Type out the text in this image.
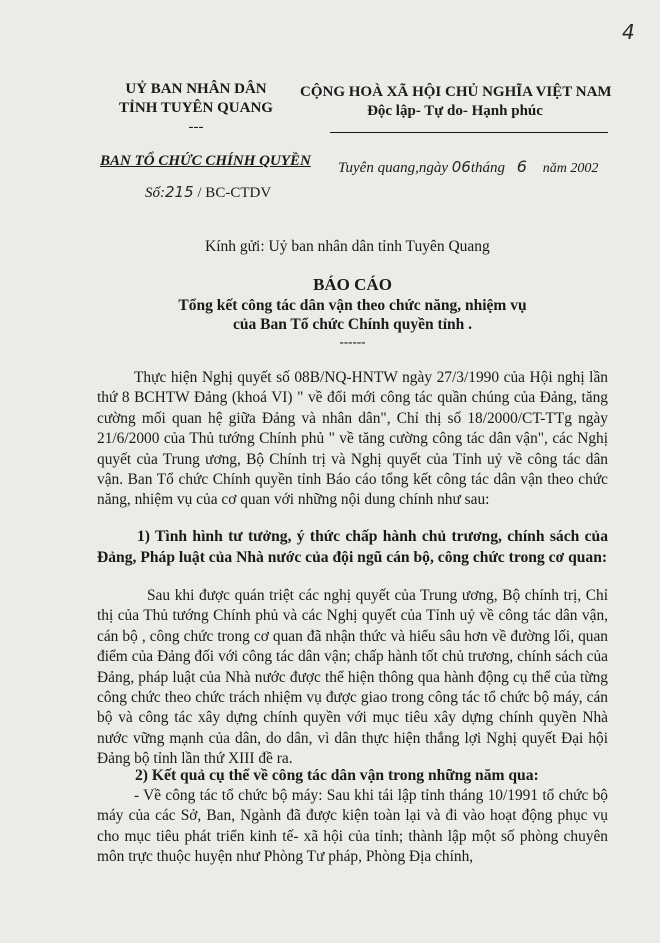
4
UỶ BAN NHÂN DÂN
TỈNH TUYÊN QUANG
---
CỘNG HOÀ XÃ HỘI CHỦ NGHĨA VIỆT NAM
Độc lập- Tự do- Hạnh phúc
BAN TỔ CHỨC CHÍNH QUYỀN Tuyên quang,ngày 06tháng 6 năm 2002
Số:215 / BC-CTDV
Kính gửi: Uỷ ban nhân dân tỉnh Tuyên Quang
BÁO CÁO
Tổng kết công tác dân vận theo chức năng, nhiệm vụ
của Ban Tổ chức Chính quyền tỉnh .
------
Thực hiện Nghị quyết số 08B/NQ-HNTW ngày 27/3/1990 của Hội nghị lần thứ 8 BCHTW Đảng (khoá VI) " về đổi mới công tác quần chúng của Đảng, tăng cường mối quan hệ giữa Đảng và nhân dân", Chỉ thị số 18/2000/CT-TTg ngày 21/6/2000 của Thủ tướng Chính phủ " về tăng cường công tác dân vận", các Nghị quyết của Trung ương, Bộ Chính trị và Nghị quyết của Tỉnh uỷ về công tác dân vận. Ban Tổ chức Chính quyền tỉnh Báo cáo tổng kết công tác dân vận theo chức năng, nhiệm vụ của cơ quan với những nội dung chính như sau:
1) Tình hình tư tưởng, ý thức chấp hành chủ trương, chính sách của Đảng, Pháp luật của Nhà nước của đội ngũ cán bộ, công chức trong cơ quan:
Sau khi được quán triệt các nghị quyết của Trung ương, Bộ chính trị, Chỉ thị của Thủ tướng Chính phủ và các Nghị quyết của Tỉnh uỷ về công tác dân vận, cán bộ , công chức trong cơ quan đã nhận thức và hiểu sâu hơn về đường lối, quan điểm của Đảng đối với công tác dân vận; chấp hành tốt chủ trương, chính sách của Đảng, pháp luật của Nhà nước được thể hiện thông qua hành động cụ thể của từng công chức theo chức trách nhiệm vụ được giao trong công tác tổ chức bộ máy, cán bộ và công tác xây dựng chính quyền với mục tiêu xây dựng chính quyền Nhà nước vững mạnh của dân, do dân, vì dân thực hiện thắng lợi Nghị quyết Đại hội Đảng bộ tỉnh lần thứ XIII đề ra.
2) Kết quả cụ thể về công tác dân vận trong những năm qua:
- Về công tác tổ chức bộ máy: Sau khi tái lập tỉnh tháng 10/1991 tổ chức bộ máy của các Sở, Ban, Ngành đã được kiện toàn lại và đi vào hoạt động phục vụ cho mục tiêu phát triển kinh tế- xã hội của tỉnh; thành lập một số phòng chuyên môn trực thuộc huyện như Phòng Tư pháp, Phòng Địa chính,
